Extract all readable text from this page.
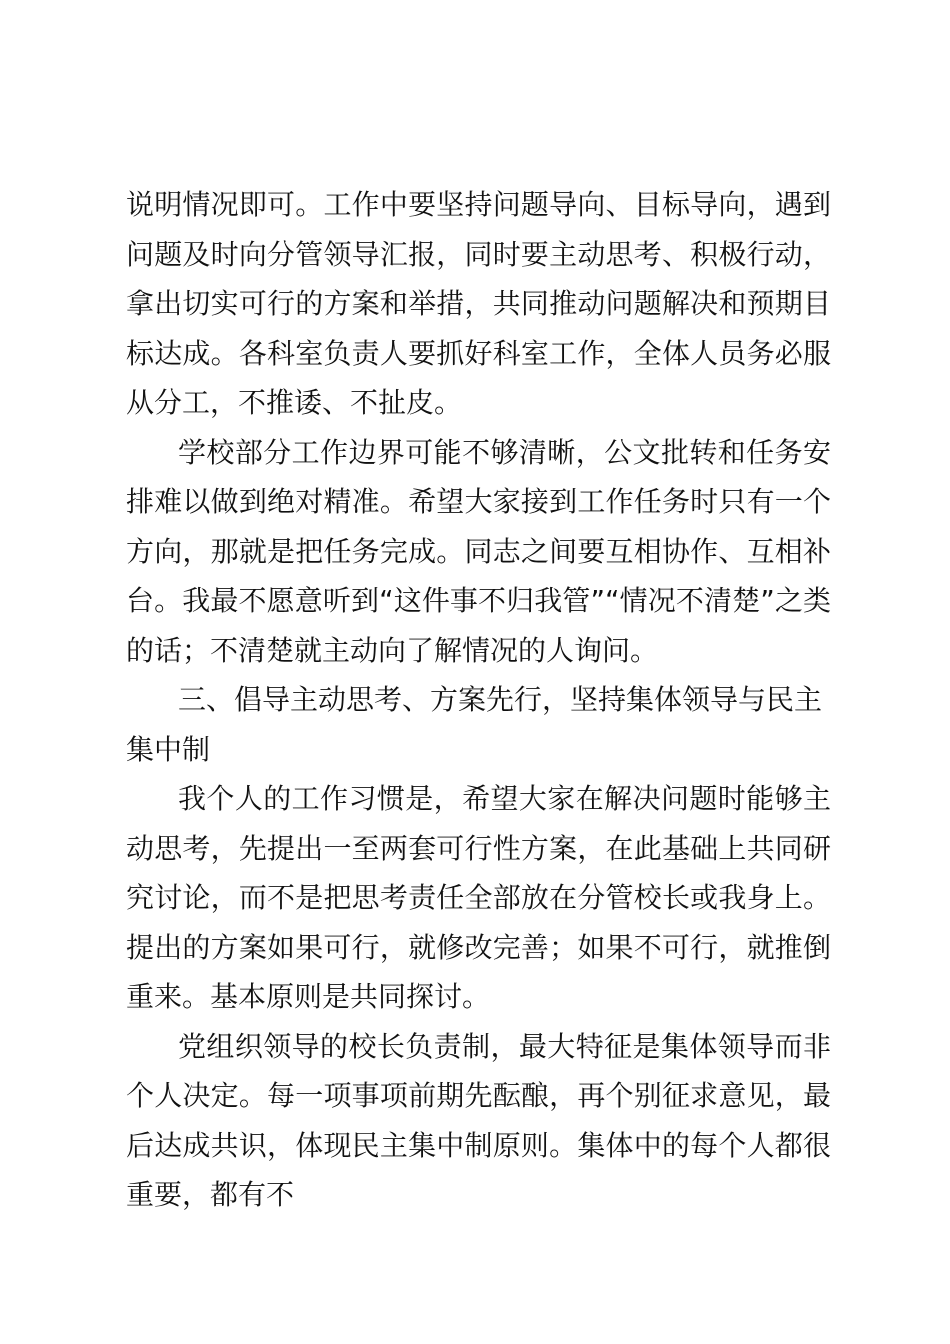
说明情况即可。工作中要坚持问题导向、目标导向，遇到问题及时向分管领导汇报，同时要主动思考、积极行动，拿出切实可行的方案和举措，共同推动问题解决和预期目标达成。各科室负责人要抓好科室工作，全体人员务必服从分工，不推诿、不扯皮。

学校部分工作边界可能不够清晰，公文批转和任务安排难以做到绝对精准。希望大家接到工作任务时只有一个方向，那就是把任务完成。同志之间要互相协作、互相补台。我最不愿意听到“这件事不归我管”“情况不清楚”之类的话；不清楚就主动向了解情况的人询问。

三、倡导主动思考、方案先行，坚持集体领导与民主集中制

我个人的工作习惯是，希望大家在解决问题时能够主动思考，先提出一至两套可行性方案，在此基础上共同研究讨论，而不是把思考责任全部放在分管校长或我身上。提出的方案如果可行，就修改完善；如果不可行，就推倒重来。基本原则是共同探讨。

党组织领导的校长负责制，最大特征是集体领导而非个人决定。每一项事项前期先酝酿，再个别征求意见，最后达成共识，体现民主集中制原则。集体中的每个人都很重要，都有不
